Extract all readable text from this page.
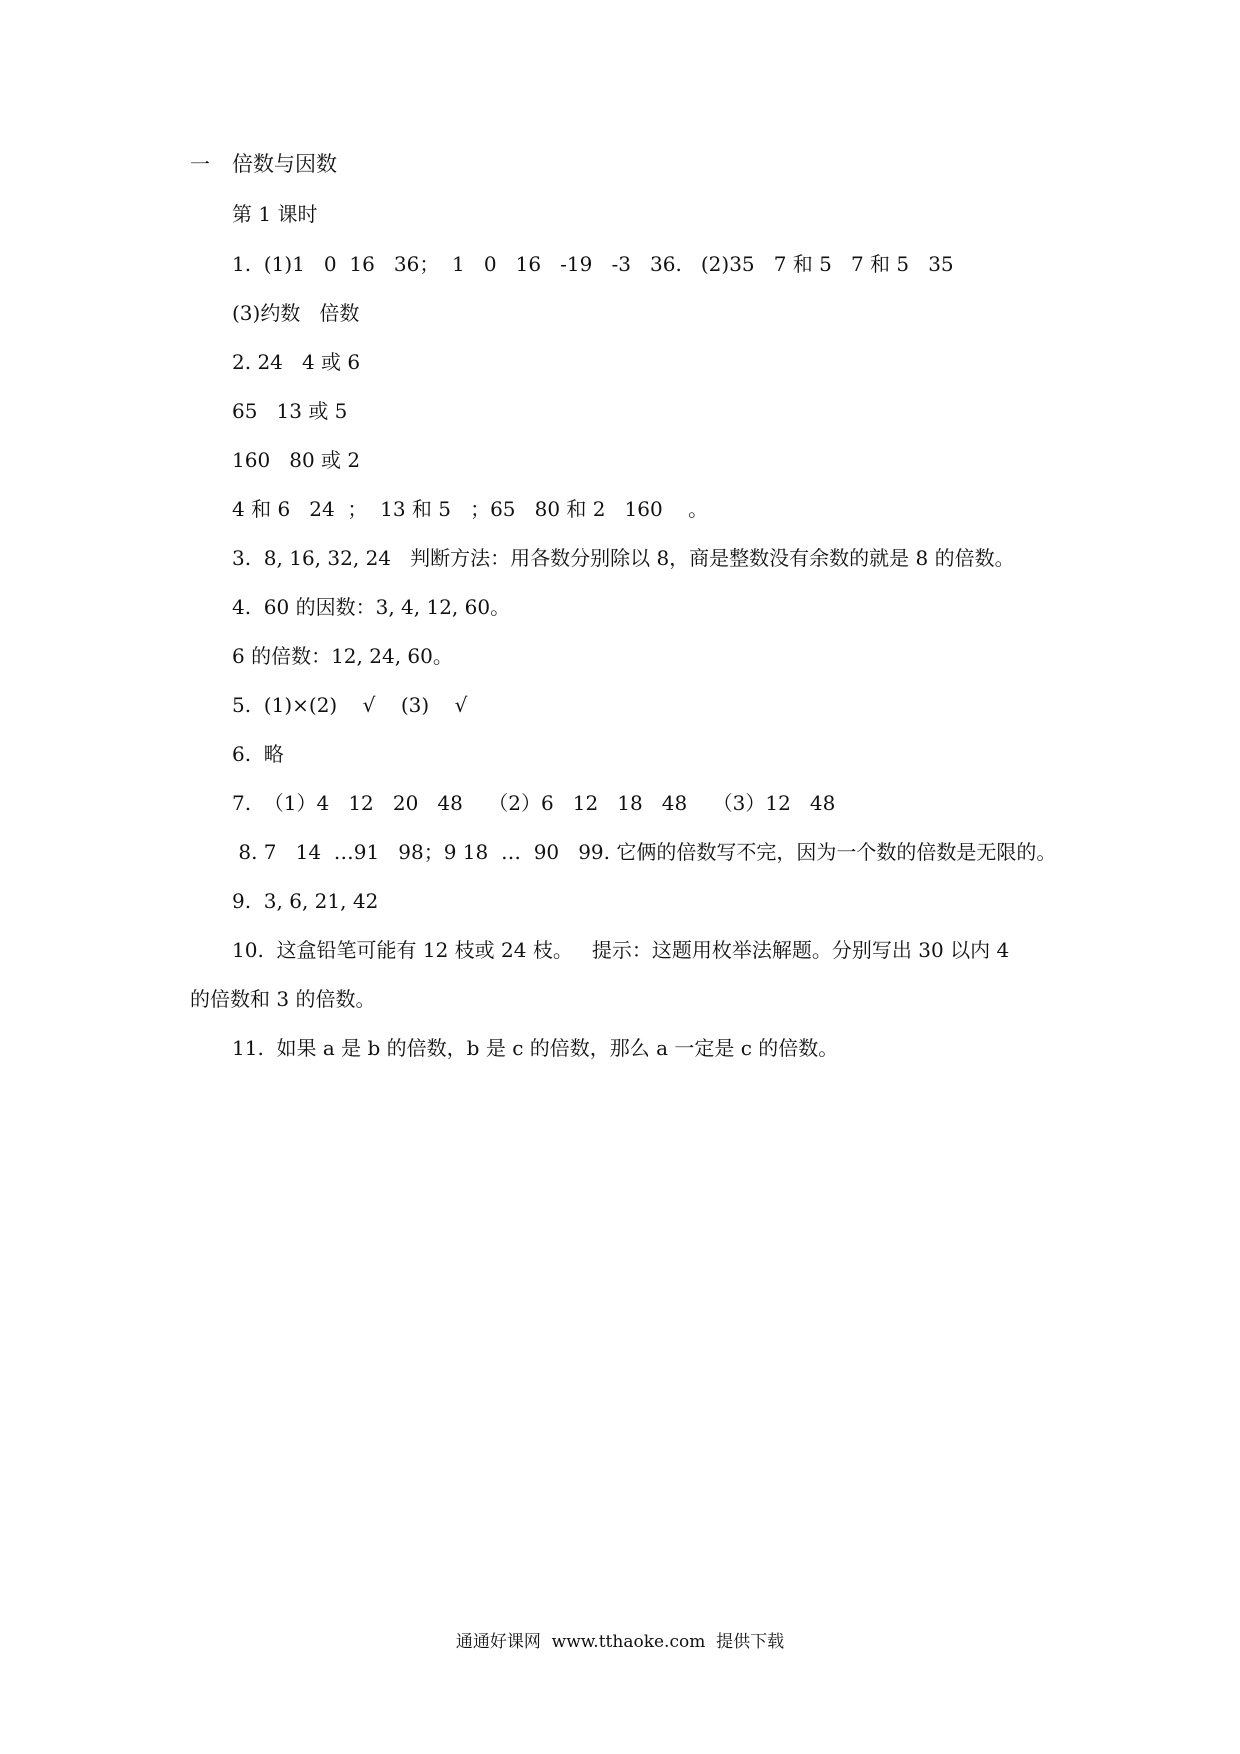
一 倍数与因数
第 1 课时
1.  (1)1   0  16   36；  1   0   16   -19   -3   36.   (2)35   7 和 5   7 和 5   35
(3)约数   倍数
2. 24   4 或 6
65   13 或 5
160   80 或 2
4 和 6   24  ；  13 和 5   ；65   80 和 2   160    。
3.  8, 16, 32, 24   判断方法：用各数分别除以 8，商是整数没有余数的就是 8 的倍数。
4.  60 的因数：3, 4, 12, 60。
6 的倍数：12, 24, 60。
5.  (1)×(2)    √    (3)    √
6.  略
7.  （1）4   12   20   48    （2）6   12   18   48    （3）12   48
8. 7   14  …91   98；9 18  …  90   99. 它俩的倍数写不完，因为一个数的倍数是无限的。
9.  3, 6, 21, 42
10.  这盒铅笔可能有 12 枝或 24 枝。   提示：这题用枚举法解题。分别写出 30 以内 4
的倍数和 3 的倍数。
11.  如果 a 是 b 的倍数，b 是 c 的倍数，那么 a 一定是 c 的倍数。
通通好课网  www.tthaoke.com  提供下载
